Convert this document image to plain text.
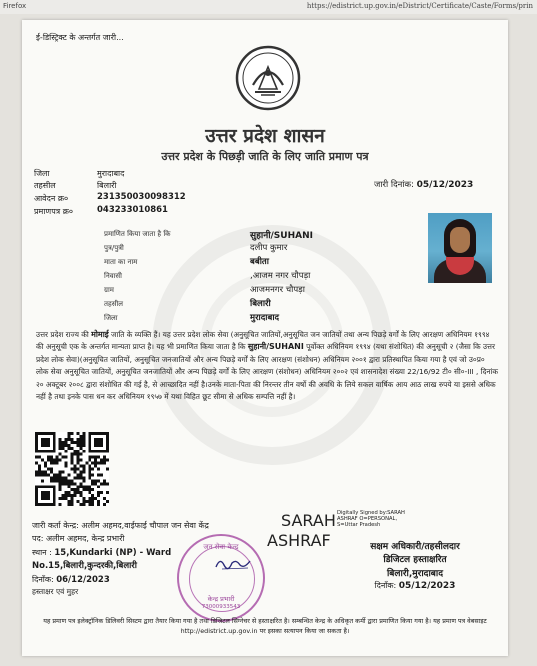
Firefox	https://edistrict.up.gov.in/eDistrict/Certificate/Caste/Forms/prin
ई-डिस्ट्रिक्ट के अन्तर्गत जारी...
उत्तर प्रदेश शासन
उत्तर प्रदेश के पिछड़ी जाति के लिए जाति प्रमाण पत्र
जिला	मुरादाबाद
तहसील	बिलारी
आवेदन क्र०	231350030098312
प्रमाणपत्र क्र०	043233010861
जारी दिनांक: 05/12/2023
प्रमाणित किया जाता है कि	सुहानी/SUHANI
पुत्र/पुत्री	दलीप कुमार
माता का नाम	बबीता
निवासी	,आजम नगर चौपड़ा
ग्राम	आजमनगर चौपड़ा
तहसील	बिलारी
जिला	मुरादाबाद
उत्तर प्रदेश राज्य की मोमाई जाति के व्यक्ति हैं। यह उत्तर प्रदेश लोक सेवा (अनुसूचित जातियों,अनुसूचित जन जातियों तथा अन्य पिछड़े वर्गों के लिए आरक्षण अधिनियम १९९४ की अनुसूची एक के अन्तर्गत मान्यता प्राप्त है। यह भी प्रमाणित किया जाता है कि सुहानी/SUHANI पूर्वोक्त अधिनियम १९९४ (यथा संशोधित) की अनुसूची २ (जैसा कि उत्तर प्रदेश लोक सेवा)(अनुसूचित जातियों, अनुसूचित जनजातियों और अन्य पिछड़े वर्गों के लिए आरक्षण (संशोधन) अधिनियम २००१ द्वारा प्रतिस्थापित किया गया है एवं जो उ०प्र० लोक सेवा अनुसूचित जातियों, अनुसूचित जनजातियों और अन्य पिछड़े वर्गों के लिए आरक्षण (संशोधन) अधिनियम २००२ एवं शासनादेश संख्या 22/16/92 टी० सी०-III , दिनांक २० अक्टूबर २००८ द्वारा संशोधित की गई है, से आच्छादित नहीं है।उनके माता-पिता की निरन्तर तीन वर्षो की अवधि के लिये सकल वार्षिक आय आठ लाख रुपये या इससे अधिक नहीं है तथा इनके पास धन कर अधिनियम १९५७ में यथा विहित छूट सीमा से अधिक सम्पत्ति नहीं है।
जारी कर्ता केन्द्र: अलीम अहमद,वाईफाई चौपाल जन सेवा केंद्र
पद: अलीम अहमद, केन्द्र प्रभारी
स्थान : 15,Kundarki (NP) - Ward
No.15,बिलारी,कुन्दरकी,बिलारी
दिनाँक: 06/12/2023
हस्ताक्षर एवं मुहर
जन सेवा केन्द्र
केन्द्र प्रभारी
73000933543
SARAH
ASHRAF
Digitally Signed by:SARAH ASHRAF O=PERSONAL, S=Uttar Pradesh
सक्षम अधिकारी/तहसीलदार
डिजिटल हस्ताक्षरित
बिलारी,मुरादाबाद
दिनाँक: 05/12/2023
यह प्रमाण पत्र इलेक्ट्रॉनिक डिलिवरी सिस्टम द्वारा तैयार किया गया है तथा डिजिटल सिग्नेचर से हस्ताक्षरित है। सम्बन्धित केन्द्र के अधिकृत कर्मी द्वारा प्रमाणित किया गया है। यह प्रमाण पत्र वेबसाइट http://edistrict.up.gov.in पर इसका सत्यापन किया जा सकता है।
